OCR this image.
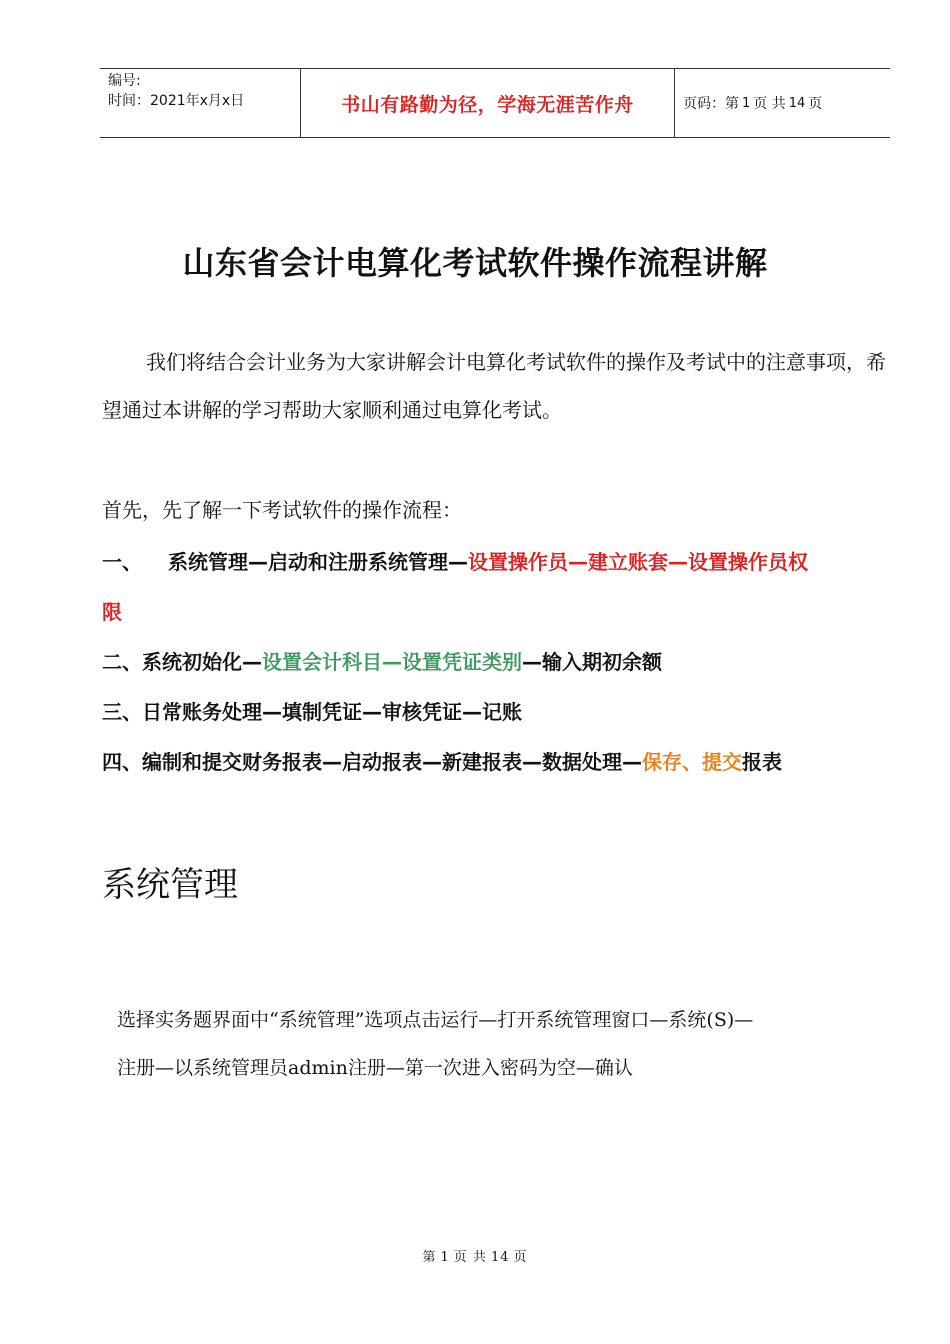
编号:
时间：2021年x月x日	书山有路勤为径，学海无涯苦作舟	页码：第 1 页 共 14 页
山东省会计电算化考试软件操作流程讲解

我们将结合会计业务为大家讲解会计电算化考试软件的操作及考试中的注意事项，希望通过本讲解的学习帮助大家顺利通过电算化考试。

首先，先了解一下考试软件的操作流程：
一、 系统管理—启动和注册系统管理—设置操作员—建立账套—设置操作员权
限
二、系统初始化—设置会计科目—设置凭证类别—输入期初余额
三、日常账务处理—填制凭证—审核凭证—记账
四、编制和提交财务报表—启动报表—新建报表—数据处理—保存、提交报表
系统管理

选择实务题界面中“系统管理”选项点击运行—打开系统管理窗口—系统(S)—

注册—以系统管理员admin注册—第一次进入密码为空—确认

第 1 页 共 14 页
